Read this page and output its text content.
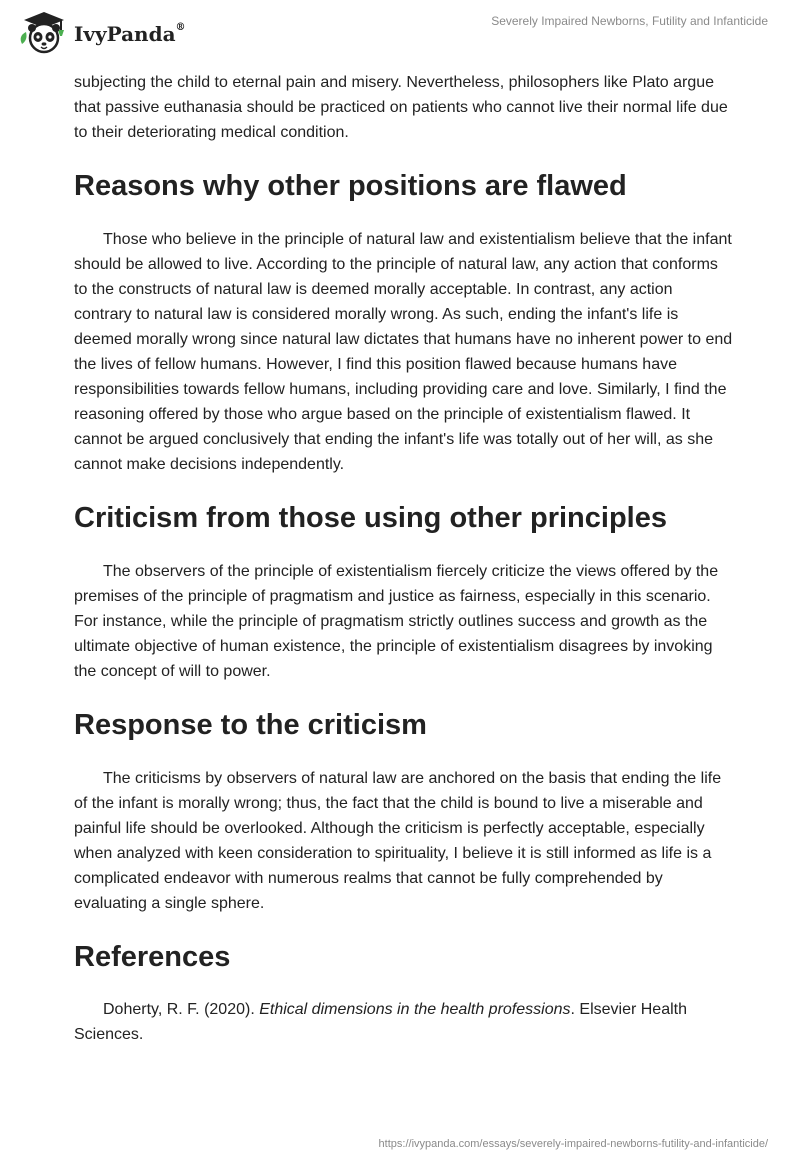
IvyPanda®	Severely Impaired Newborns, Futility and Infanticide

subjecting the child to eternal pain and misery. Nevertheless, philosophers like Plato argue that passive euthanasia should be practiced on patients who cannot live their normal life due to their deteriorating medical condition.

Reasons why other positions are flawed

Those who believe in the principle of natural law and existentialism believe that the infant should be allowed to live. According to the principle of natural law, any action that conforms to the constructs of natural law is deemed morally acceptable. In contrast, any action contrary to natural law is considered morally wrong. As such, ending the infant's life is deemed morally wrong since natural law dictates that humans have no inherent power to end the lives of fellow humans. However, I find this position flawed because humans have responsibilities towards fellow humans, including providing care and love. Similarly, I find the reasoning offered by those who argue based on the principle of existentialism flawed. It cannot be argued conclusively that ending the infant's life was totally out of her will, as she cannot make decisions independently.

Criticism from those using other principles

The observers of the principle of existentialism fiercely criticize the views offered by the premises of the principle of pragmatism and justice as fairness, especially in this scenario. For instance, while the principle of pragmatism strictly outlines success and growth as the ultimate objective of human existence, the principle of existentialism disagrees by invoking the concept of will to power.

Response to the criticism

The criticisms by observers of natural law are anchored on the basis that ending the life of the infant is morally wrong; thus, the fact that the child is bound to live a miserable and painful life should be overlooked. Although the criticism is perfectly acceptable, especially when analyzed with keen consideration to spirituality, I believe it is still informed as life is a complicated endeavor with numerous realms that cannot be fully comprehended by evaluating a single sphere.

References

Doherty, R. F. (2020). Ethical dimensions in the health professions. Elsevier Health Sciences.

https://ivypanda.com/essays/severely-impaired-newborns-futility-and-infanticide/
